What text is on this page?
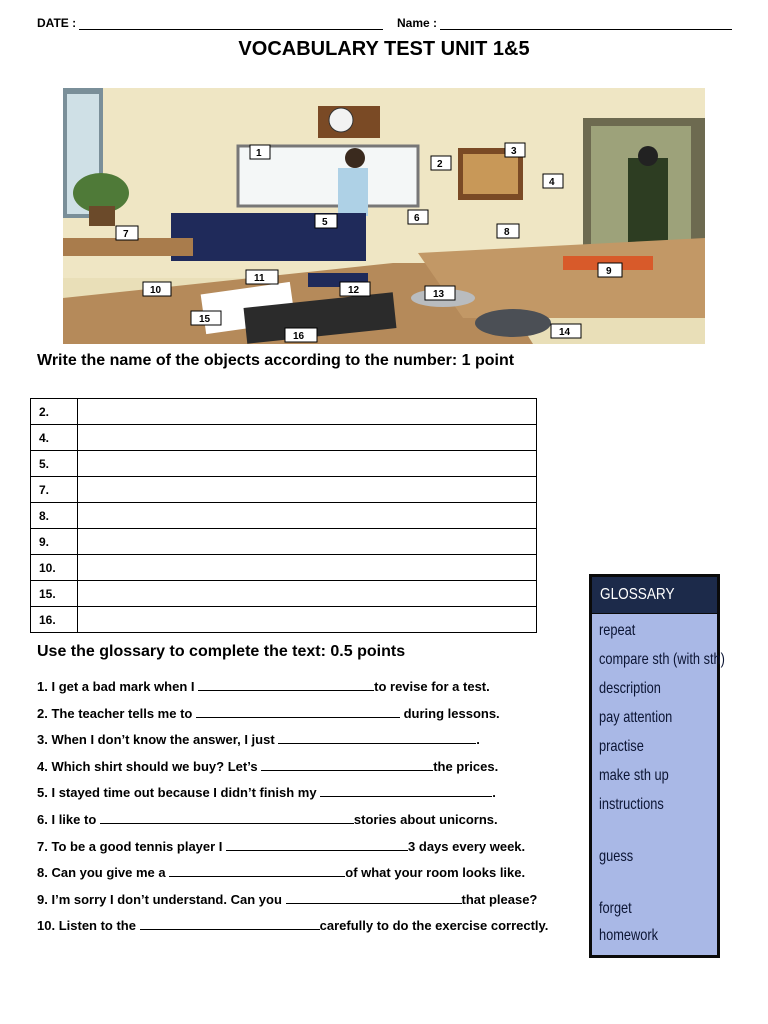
DATE :	Name :
VOCABULARY TEST UNIT 1&5
1
2
3
4
5	6
7	8
9
10
11
12	13
14
15
16
Write the name of the objects according to the number: 1 point
2.	
4.	
5.	
7.	
8.	
9.	
10.	
15.	
16.	
Use the glossary to complete the text: 0.5 points
1. I get a bad mark when I	to revise for a test.
2. The teacher tells me to	during lessons.
3. When I don’t know the answer, I just	.
4. Which shirt should we buy? Let’s	the prices.
5. I stayed time out because I didn’t finish my	.
6. I like to	stories about unicorns.
7. To be a good tennis player I	3 days every week.
8. Can you give me a	of what your room looks like.
9. I’m sorry I don’t understand. Can you	that please?
10. Listen to the	carefully to do the exercise correctly.
GLOSSARY
repeat
compare sth (with sth)
description
pay attention
practise
make sth up
instructions
guess
forget
homework
